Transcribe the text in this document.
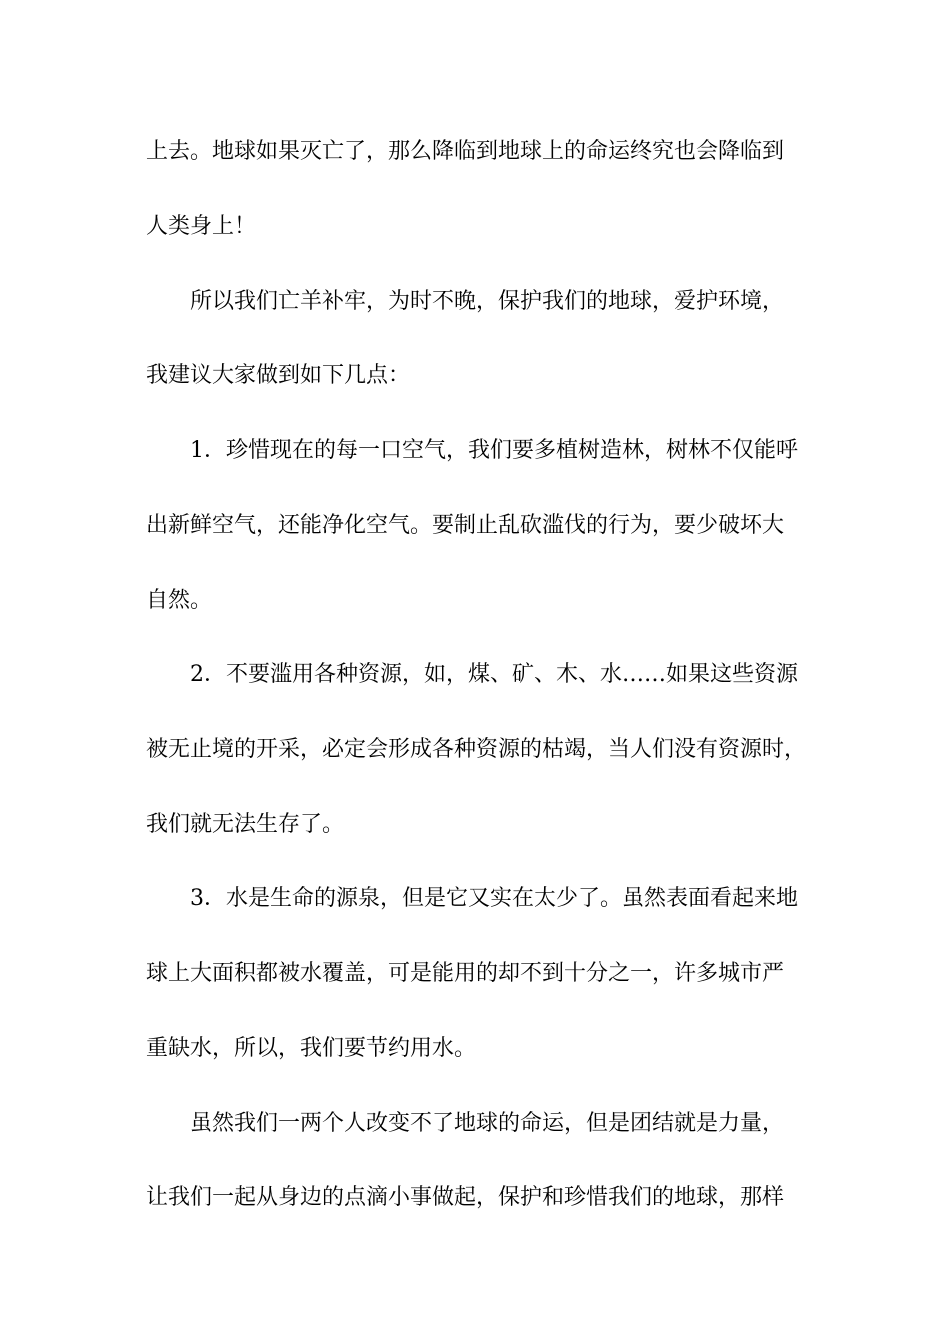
上去。地球如果灭亡了，那么降临到地球上的命运终究也会降临到
人类身上！
所以我们亡羊补牢，为时不晚，保护我们的地球，爱护环境，
我建议大家做到如下几点：
1．珍惜现在的每一口空气，我们要多植树造林，树林不仅能呼
出新鲜空气，还能净化空气。要制止乱砍滥伐的行为，要少破坏大
自然。
2．不要滥用各种资源，如，煤、矿、木、水……如果这些资源
被无止境的开采，必定会形成各种资源的枯竭，当人们没有资源时，
我们就无法生存了。
3．水是生命的源泉，但是它又实在太少了。虽然表面看起来地
球上大面积都被水覆盖，可是能用的却不到十分之一，许多城市严
重缺水，所以，我们要节约用水。
虽然我们一两个人改变不了地球的命运，但是团结就是力量，
让我们一起从身边的点滴小事做起，保护和珍惜我们的地球，那样
